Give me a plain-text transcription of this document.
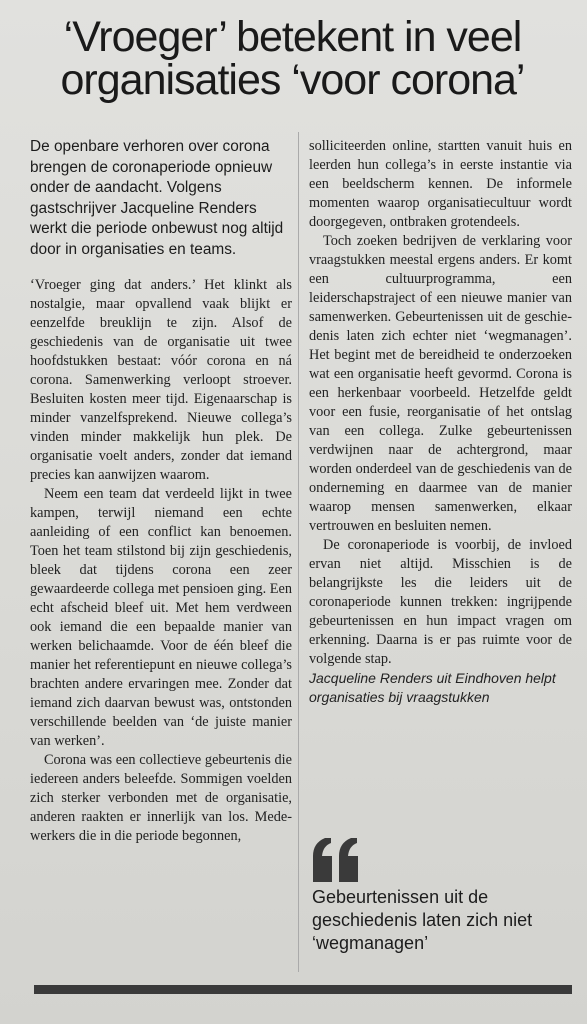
‘Vroeger’ betekent in veel
organisaties ‘voor corona’

De openbare verhoren over corona brengen de coronaperiode opnieuw onder de aandacht. Volgens gastschrijver Jacqueline Renders werkt die periode onbewust nog altijd door in organisaties en teams.

‘Vroeger ging dat anders.’ Het klinkt als nostalgie, maar opvallend vaak blijkt er eenzelfde breuklijn te zijn. Alsof de geschiedenis van de organisatie uit twee hoofdstukken bestaat: vóór corona en ná corona. Samenwerking verloopt stroever. Besluiten kosten meer tijd. Eigenaarschap is minder vanzelfsprekend. Nieuwe collega’s vinden minder makkelijk hun plek. De organisatie voelt anders, zonder dat iemand precies kan aanwijzen waarom.

Neem een team dat verdeeld lijkt in twee kampen, terwijl niemand een echte aanleiding of een conflict kan benoemen. Toen het team stilstond bij zijn geschiedenis, bleek dat tijdens corona een zeer gewaardeerde collega met pensioen ging. Een echt afscheid bleef uit. Met hem verdween ook iemand die een bepaalde manier van werken belichaamde. Voor de één bleef die manier het referentiepunt en nieuwe collega’s brachten andere ervaringen mee. Zonder dat iemand zich daarvan bewust was, ontstonden verschillende beelden van ‘de juiste manier van werken’.

Corona was een collectieve gebeurtenis die iedereen anders beleefde. Sommigen voelden zich sterker verbonden met de organisatie, anderen raakten er innerlijk van los. Medewerkers die in die periode begonnen,

solliciteerden online, startten vanuit huis en leerden hun collega’s in eerste instantie via een beeldscherm kennen. De informele momenten waarop organisatiecultuur wordt doorgegeven, ontbraken grotendeels.

Toch zoeken bedrijven de verklaring voor vraagstukken meestal ergens anders. Er komt een cultuurprogramma, een leiderschapstraject of een nieuwe manier van samenwerken. Gebeurtenissen uit de geschiedenis laten zich echter niet ‘wegmanagen’. Het begint met de bereidheid te onderzoeken wat een organisatie heeft gevormd. Corona is een herkenbaar voorbeeld. Hetzelfde geldt voor een fusie, reorganisatie of het ontslag van een collega. Zulke gebeurtenissen verdwijnen naar de achtergrond, maar worden onderdeel van de geschiedenis van de onderneming en daarmee van de manier waarop mensen samenwerken, elkaar vertrouwen en besluiten nemen.

De coronaperiode is voorbij, de invloed ervan niet altijd. Misschien is de belangrijkste les die leiders uit de coronaperiode kunnen trekken: ingrijpende gebeurtenissen en hun impact vragen om erkenning. Daarna is er pas ruimte voor de volgende stap.

Jacqueline Renders uit Eindhoven helpt organisaties bij vraagstukken

Gebeurtenissen uit de geschiedenis laten zich niet ‘wegmanagen’
